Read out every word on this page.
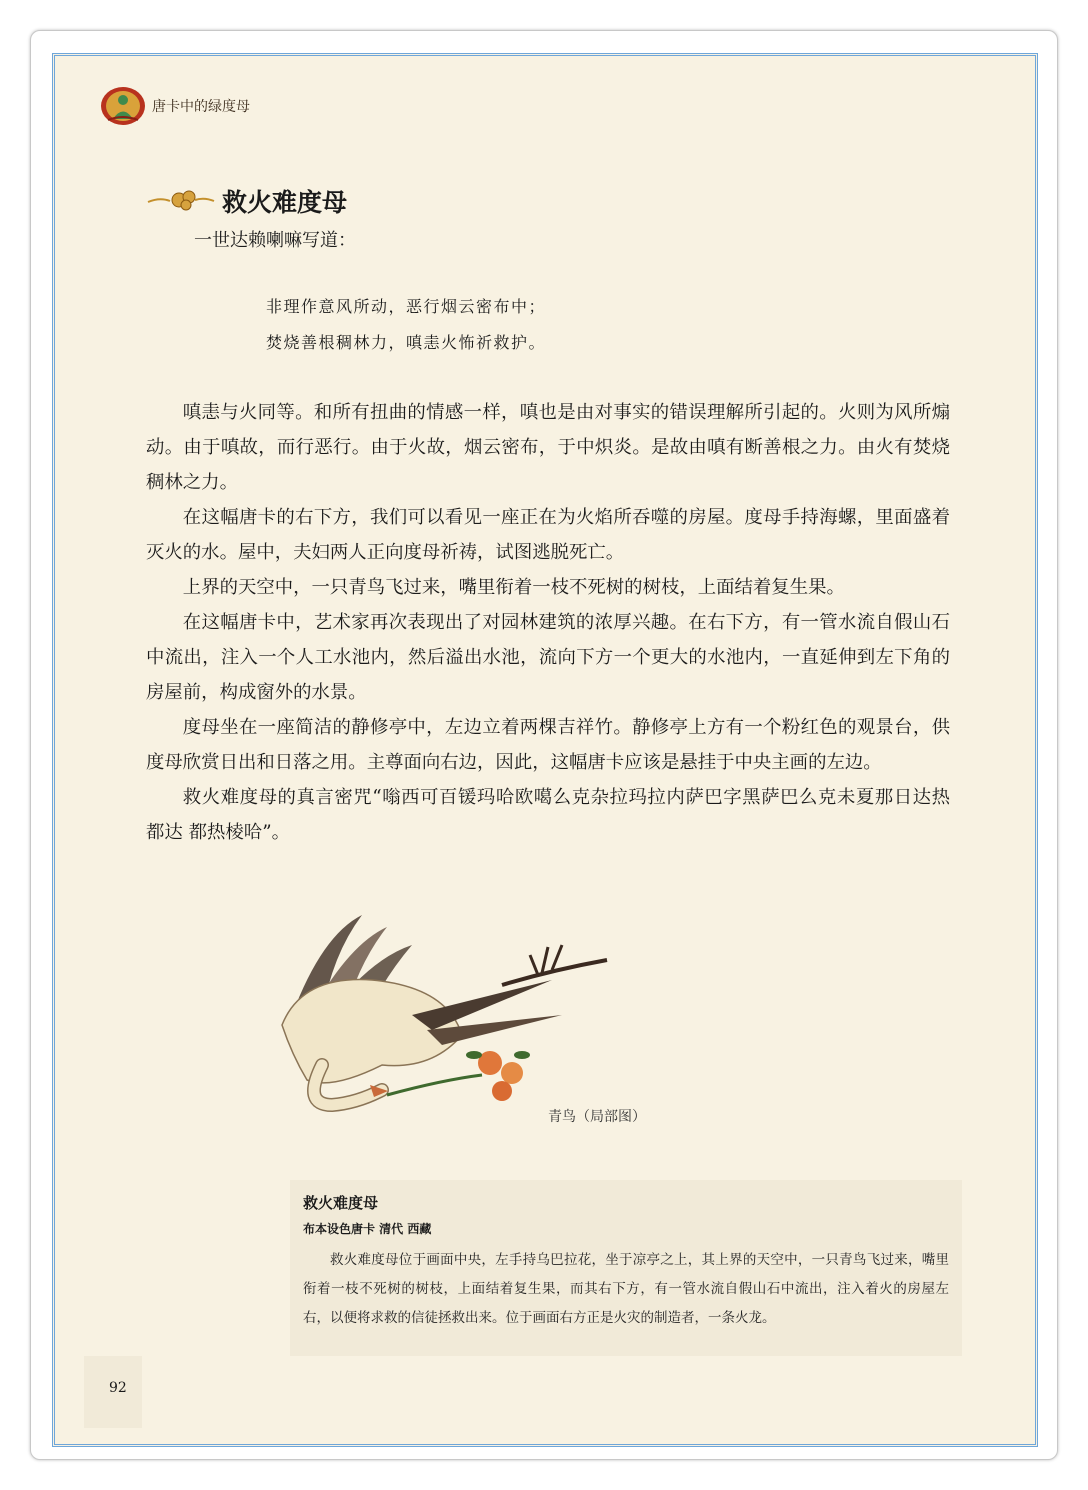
唐卡中的绿度母
救火难度母
一世达赖喇嘛写道：
非理作意风所动，恶行烟云密布中；
焚烧善根稠林力，嗔恚火怖祈救护。

嗔恚与火同等。和所有扭曲的情感一样，嗔也是由对事实的错误理解所引起的。火则为风所煽动。由于嗔故，而行恶行。由于火故，烟云密布，于中炽炎。是故由嗔有断善根之力。由火有焚烧稠林之力。

在这幅唐卡的右下方，我们可以看见一座正在为火焰所吞噬的房屋。度母手持海螺，里面盛着灭火的水。屋中，夫妇两人正向度母祈祷，试图逃脱死亡。

上界的天空中，一只青鸟飞过来，嘴里衔着一枝不死树的树枝，上面结着复生果。

在这幅唐卡中，艺术家再次表现出了对园林建筑的浓厚兴趣。在右下方，有一管水流自假山石中流出，注入一个人工水池内，然后溢出水池，流向下方一个更大的水池内，一直延伸到左下角的房屋前，构成窗外的水景。

度母坐在一座简洁的静修亭中，左边立着两棵吉祥竹。静修亭上方有一个粉红色的观景台，供度母欣赏日出和日落之用。主尊面向右边，因此，这幅唐卡应该是悬挂于中央主画的左边。

救火难度母的真言密咒“嗡西可百锾玛哈欧噶么克杂拉玛拉内萨巴字黑萨巴么克未夏那日达热 都达 都热棱哈”。

青鸟（局部图）
救火难度母
布本设色唐卡 清代 西藏

救火难度母位于画面中央，左手持乌巴拉花，坐于凉亭之上，其上界的天空中，一只青鸟飞过来，嘴里衔着一枝不死树的树枝，上面结着复生果，而其右下方，有一管水流自假山石中流出，注入着火的房屋左右，以便将求救的信徒拯救出来。位于画面右方正是火灾的制造者，一条火龙。

92
